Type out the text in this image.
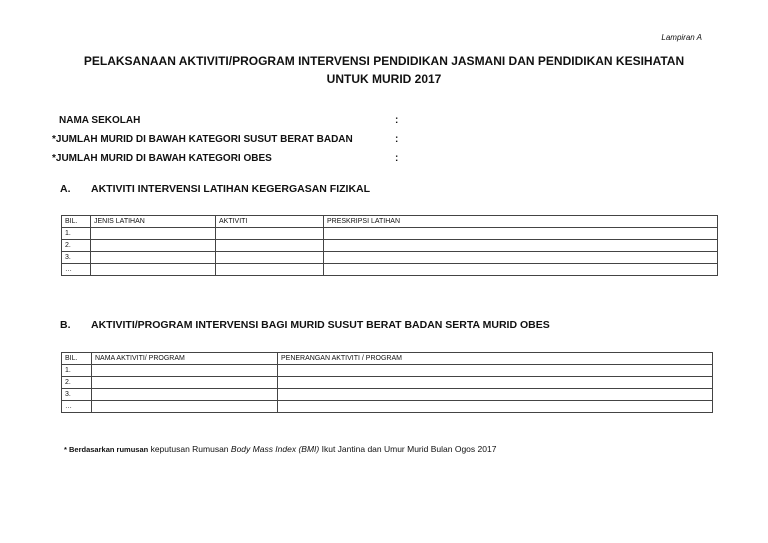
Lampiran A
PELAKSANAAN AKTIVITI/PROGRAM INTERVENSI PENDIDIKAN JASMANI DAN PENDIDIKAN KESIHATAN
UNTUK MURID 2017
NAMA SEKOLAH	:
*JUMLAH MURID DI BAWAH KATEGORI SUSUT BERAT BADAN	:
*JUMLAH MURID DI BAWAH KATEGORI OBES	:
A. AKTIVITI INTERVENSI LATIHAN KEGERGASAN FIZIKAL
BIL.	JENIS LATIHAN	AKTIVITI	PRESKRIPSI LATIHAN
1.			
2.			
3.			
…			
B. AKTIVITI/PROGRAM INTERVENSI BAGI MURID SUSUT BERAT BADAN SERTA MURID OBES
BIL.	NAMA AKTIVITI/ PROGRAM	PENERANGAN AKTIVITI / PROGRAM
1.		
2.		
3.		
…		
* Berdasarkan rumusan keputusan Rumusan Body Mass Index (BMI) Ikut Jantina dan Umur Murid Bulan Ogos 2017
